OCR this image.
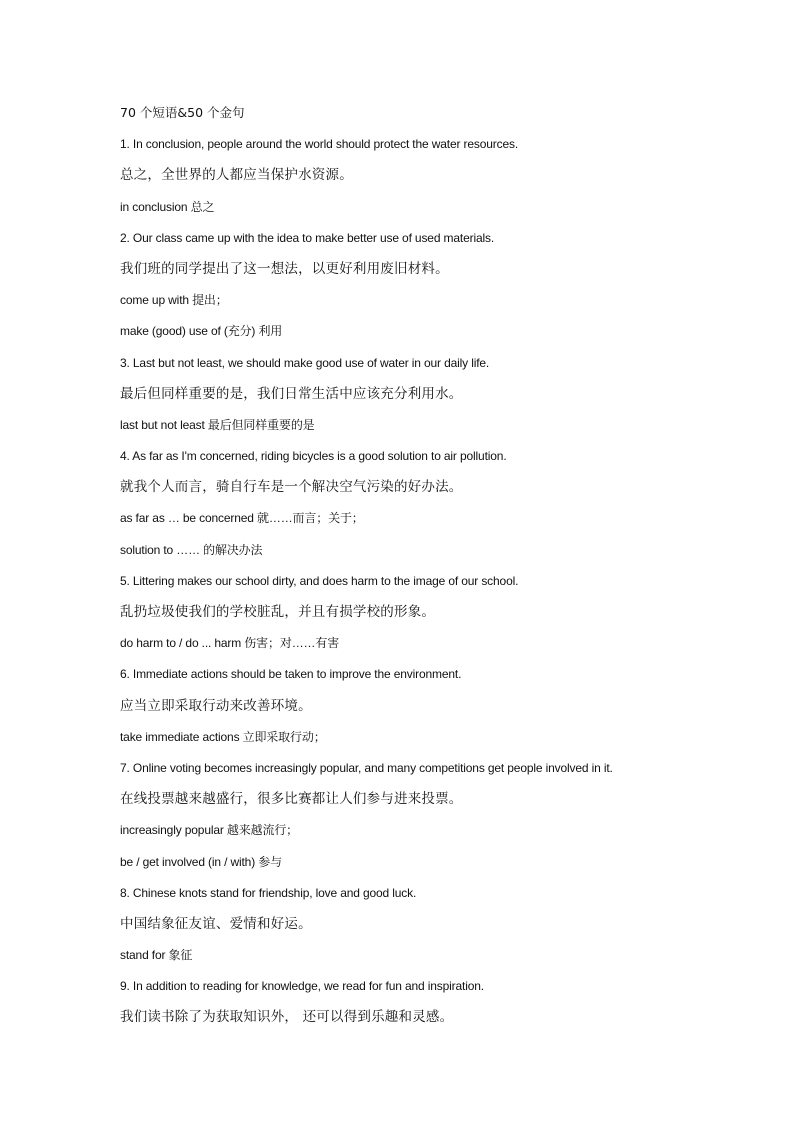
70 个短语&50 个金句
1. In conclusion, people around the world should protect the water resources.
总之，全世界的人都应当保护水资源。
in conclusion 总之
2. Our class came up with the idea to make better use of used materials.
我们班的同学提出了这一想法，以更好利用废旧材料。
come up with 提出；
make (good) use of (充分) 利用
3. Last but not least, we should make good use of water in our daily life.
最后但同样重要的是，我们日常生活中应该充分利用水。
last but not least 最后但同样重要的是
4. As far as I'm concerned, riding bicycles is a good solution to air pollution.
就我个人而言，骑自行车是一个解决空气污染的好办法。
as far as … be concerned 就……而言；关于；
solution to …… 的解决办法
5. Littering makes our school dirty, and does harm to the image of our school.
乱扔垃圾使我们的学校脏乱，并且有损学校的形象。
do harm to / do ... harm 伤害；对……有害
6. Immediate actions should be taken to improve the environment.
应当立即采取行动来改善环境。
take immediate actions 立即采取行动；
7. Online voting becomes increasingly popular, and many competitions get people involved in it.
在线投票越来越盛行，很多比赛都让人们参与进来投票。
increasingly popular 越来越流行；
be / get involved (in / with) 参与
8. Chinese knots stand for friendship, love and good luck.
中国结象征友谊、爱情和好运。
stand for 象征
9. In addition to reading for knowledge, we read for fun and inspiration.
我们读书除了为获取知识外， 还可以得到乐趣和灵感。
